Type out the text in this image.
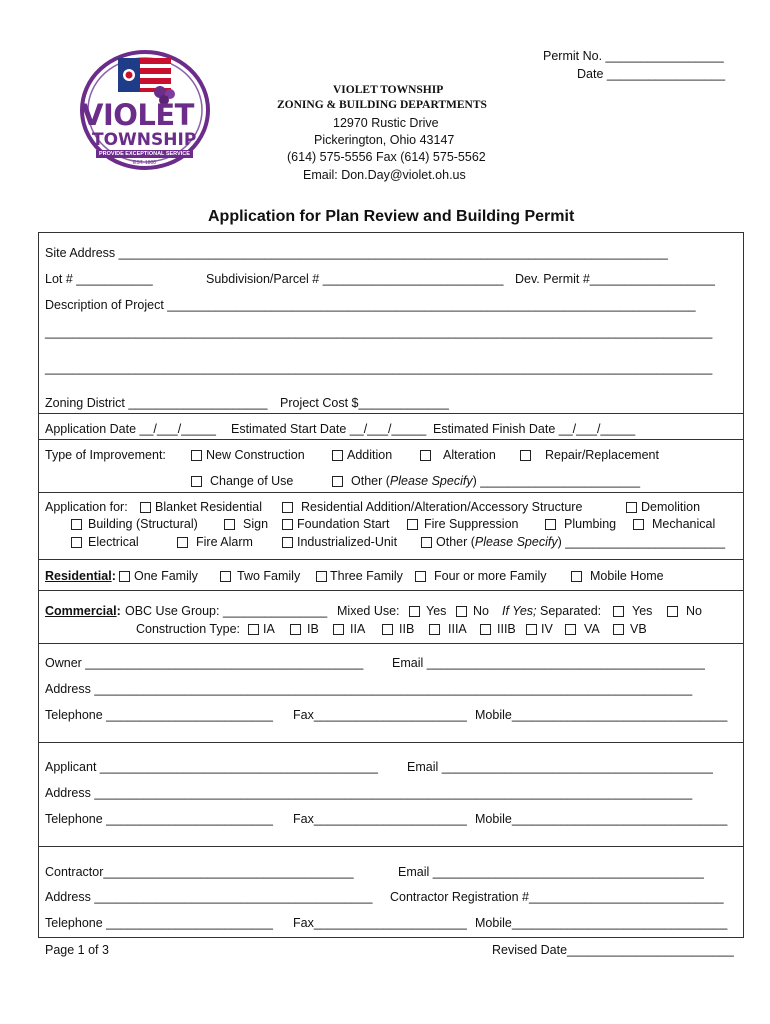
Permit No. _________________
Date _________________
VIOLET
TOWNSHIP
PROVIDE EXCEPTIONAL SERVICE
EST. 1808
VIOLET TOWNSHIP
ZONING & BUILDING DEPARTMENTS
12970 Rustic Drive
Pickerington, Ohio 43147
(614) 575-5556 Fax (614) 575-5562
Email: Don.Day@violet.oh.us
Application for Plan Review and Building Permit
Site Address _______________________________________________________________________________
Lot # ___________	Subdivision/Parcel # __________________________ Dev. Permit #__________________
Description of Project ____________________________________________________________________________
________________________________________________________________________________________________
________________________________________________________________________________________________
Zoning District ____________________ Project Cost $_____________
Application Date __/___/_____ Estimated Start Date __/___/_____ Estimated Finish Date __/___/_____
Type of Improvement:	New Construction	Addition	Alteration	Repair/Replacement
Change of Use	Other (Please Specify) _______________________
Application for:	Blanket Residential	Residential Addition/Alteration/Accessory Structure	Demolition
Building (Structural)	Sign	Foundation Start	Fire Suppression	Plumbing	Mechanical
Electrical	Fire Alarm	Industrialized-Unit	Other (Please Specify) _______________________
Residential:	One Family	Two Family	Three Family	Four or more Family	Mobile Home
Commercial: OBC Use Group: _______________ Mixed Use:	Yes	No If Yes; Separated:	Yes	No
Construction Type:	IA	IB	IIA	IIB	IIIA	IIIB	IV	VA	VB
Owner ________________________________________ Email ________________________________________
Address ______________________________________________________________________________________
Telephone ________________________ Fax______________________ Mobile_______________________________
Applicant ________________________________________ Email _______________________________________
Address ______________________________________________________________________________________
Telephone ________________________ Fax______________________ Mobile_______________________________
Contractor____________________________________	Email _______________________________________
Address ________________________________________ Contractor Registration #____________________________
Telephone ________________________ Fax______________________ Mobile_______________________________
Page 1 of 3	Revised Date________________________
